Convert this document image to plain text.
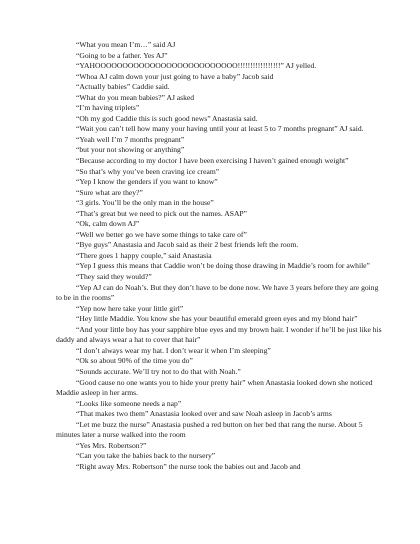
“What you mean I’m…” said AJ

“Going to be a father. Yes AJ”

“YAHOOOOOOOOOOOOOOOOOOOOOOOOOO!!!!!!!!!!!!!!!!!” AJ yelled.

“Whoa AJ calm down your just going to have a baby” Jacob said

“Actually babies” Caddie said.

“What do you mean babies?” AJ asked

“I’m having triplets”

“Oh my god Caddie this is such good news” Anastasia said.

“Wait you can’t tell how many your having until your at least 5 to 7 months pregnant” AJ said.

“Yeah well I’m 7 months pregnant”

“but your not showing or anything”

“Because according to my doctor I have been exercising I haven’t gained enough weight”

“So that’s why you’ve been craving ice cream”

“Yep I know the genders if you want to know”

“Sure what are they?”

“3 girls. You’ll be the only man in the house”

“That’s great but we need to pick out the names. ASAP”

“Ok, calm down AJ”

“Well we better go we have some things to take care of”

“Bye guys” Anastasia and Jacob said as their 2 best friends left the room.

“There goes 1 happy couple,” said Anastasia

“Yep I guess this means that Caddie won’t be doing those drawing in Maddie’s room for awhile”

“They said they would?”

“Yep AJ can do Noah’s. But they don’t have to be done now. We have 3 years before they are going to be in the rooms”

“Yep now here take your little girl”

“Hey little Maddie. You know she has your beautiful emerald green eyes and my blond hair”

“And your little boy has your sapphire blue eyes and my brown hair. I wonder if he’ll be just like his daddy and always wear a hat to cover that hair”

“I don’t always wear my hat. I don’t wear it when I’m sleeping”

“Ok so about 90% of the time you do”

“Sounds accurate. We’ll try not to do that with Noah.”

“Good cause no one wants you to hide your pretty hair” when Anastasia looked down she noticed Maddie asleep in her arms.

“Looks like someone needs a nap”

“That makes two them” Anastasia looked over and saw Noah asleep in Jacob’s arms

“Let me buzz the nurse” Anastasia pushed a red button on her bed that rang the nurse. About 5 minutes later a nurse walked into the room

“Yes Mrs. Robertson?”

“Can you take the babies back to the nursery”

“Right away Mrs. Robertson” the nurse took the babies out and Jacob and
